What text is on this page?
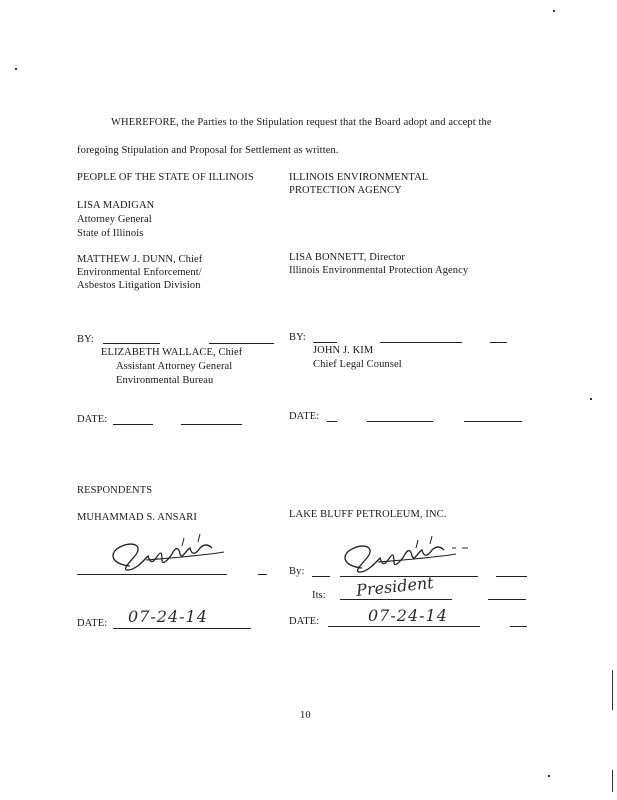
WHEREFORE, the Parties to the Stipulation request that the Board adopt and accept the
foregoing Stipulation and Proposal for Settlement as written.
PEOPLE OF THE STATE OF ILLINOIS
LISA MADIGAN
Attorney General
State of Illinois
MATTHEW J. DUNN, Chief
Environmental Enforcement/
Asbestos Litigation Division
BY:
ELIZABETH WALLACE, Chief
Assistant Attorney General
Environmental Bureau
DATE:
ILLINOIS ENVIRONMENTAL
PROTECTION AGENCY
LISA BONNETT, Director
Illinois Environmental Protection Agency
BY:
JOHN J. KIM
Chief Legal Counsel
DATE:
RESPONDENTS
MUHAMMAD S. ANSARI	LAKE BLUFF PETROLEUM, INC.
By:
Its: President
DATE: 07-24-14	DATE:	07-24-14
10
